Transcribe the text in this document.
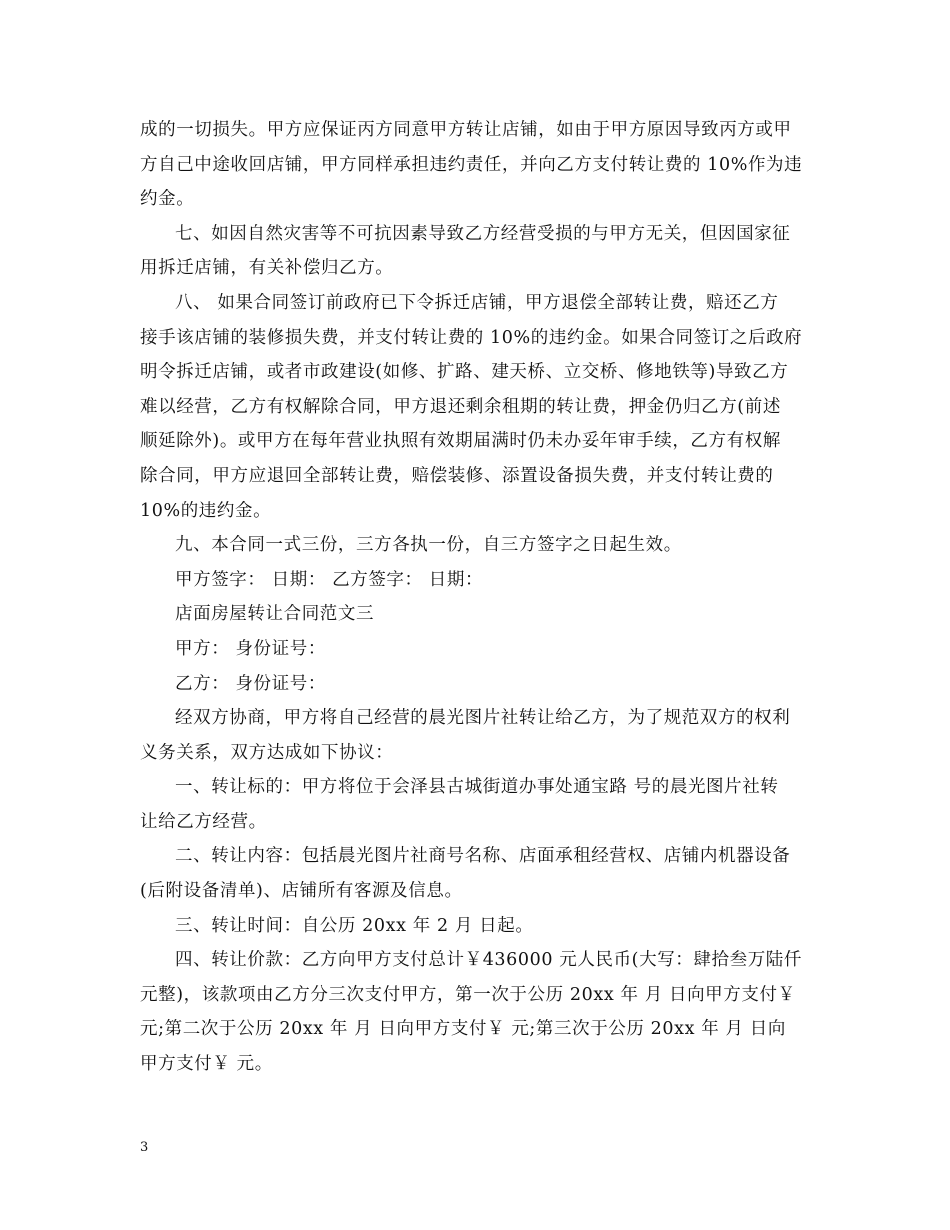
成的一切损失。甲方应保证丙方同意甲方转让店铺，如由于甲方原因导致丙方或甲
方自己中途收回店铺，甲方同样承担违约责任，并向乙方支付转让费的 10%作为违
约金。
七、如因自然灾害等不可抗因素导致乙方经营受损的与甲方无关，但因国家征
用拆迁店铺，有关补偿归乙方。
八、 如果合同签订前政府已下令拆迁店铺，甲方退偿全部转让费，赔还乙方
接手该店铺的装修损失费，并支付转让费的 10%的违约金。如果合同签订之后政府
明令拆迁店铺，或者市政建设(如修、扩路、建天桥、立交桥、修地铁等)导致乙方
难以经营，乙方有权解除合同，甲方退还剩余租期的转让费，押金仍归乙方(前述
顺延除外)。或甲方在每年营业执照有效期届满时仍未办妥年审手续，乙方有权解
除合同，甲方应退回全部转让费，赔偿装修、添置设备损失费，并支付转让费的
10%的违约金。
九、本合同一式三份，三方各执一份，自三方签字之日起生效。
甲方签字： 日期： 乙方签字： 日期：
店面房屋转让合同范文三
甲方： 身份证号：
乙方： 身份证号：
经双方协商，甲方将自己经营的晨光图片社转让给乙方，为了规范双方的权利
义务关系，双方达成如下协议：
一、转让标的：甲方将位于会泽县古城街道办事处通宝路 号的晨光图片社转
让给乙方经营。
二、转让内容：包括晨光图片社商号名称、店面承租经营权、店铺内机器设备
(后附设备清单)、店铺所有客源及信息。
三、转让时间：自公历 20xx 年 2 月 日起。
四、转让价款：乙方向甲方支付总计￥436000 元人民币(大写：肆拾叁万陆仟
元整)，该款项由乙方分三次支付甲方，第一次于公历 20xx 年 月 日向甲方支付￥
元;第二次于公历 20xx 年 月 日向甲方支付￥ 元;第三次于公历 20xx 年 月 日向
甲方支付￥ 元。
3
